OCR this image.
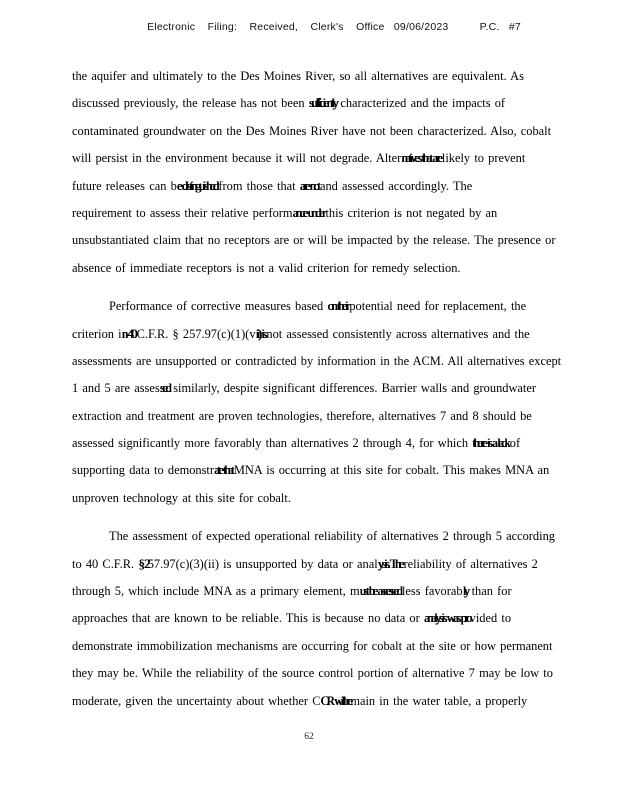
Electronic    Filing:    Received,    Clerk's    Office   09/06/2023          P.C.   #7
the aquifer and ultimately to the Des Moines River, so all alternatives are equivalent. As
discussed previously, the release has not been sufficiently characterized and the impacts of
contaminated groundwater on the Des Moines River have not been characterized. Also, cobalt
will persist in the environment because it will not degrade. Alternatives that are likely to prevent
future releases can be distinguished from those that are not and assessed accordingly. The
requirement to assess their relative performance under this criterion is not negated by an
unsubstantiated claim that no receptors are or will be impacted by the release. The presence or
absence of immediate receptors is not a valid criterion for remedy selection.
Performance of corrective measures based on their potential need for replacement, the
criterion in 40 C.F.R. § 257.97(c)(1)(vii) is not assessed consistently across alternatives and the
assessments are unsupported or contradicted by information in the ACM. All alternatives except
1 and 5 are assessed similarly, despite significant differences. Barrier walls and groundwater
extraction and treatment are proven technologies, therefore, alternatives 7 and 8 should be
assessed significantly more favorably than alternatives 2 through 4, for which there is a lack of
supporting data to demonstrate that MNA is occurring at this site for cobalt. This makes MNA an
unproven technology at this site for cobalt.
The assessment of expected operational reliability of alternatives 2 through 5 according
to 40 C.F.R. § 257.97(c)(3)(ii) is unsupported by data or analysis. The reliability of alternatives 2
through 5, which include MNA as a primary element, must be assessed less favorably than for
approaches that are known to be reliable. This is because no data or analysis was provided to
demonstrate immobilization mechanisms are occurring for cobalt at the site or how permanent
they may be. While the reliability of the source control portion of alternative 7 may be low to
moderate, given the uncertainty about whether CCR will remain in the water table, a properly
62
